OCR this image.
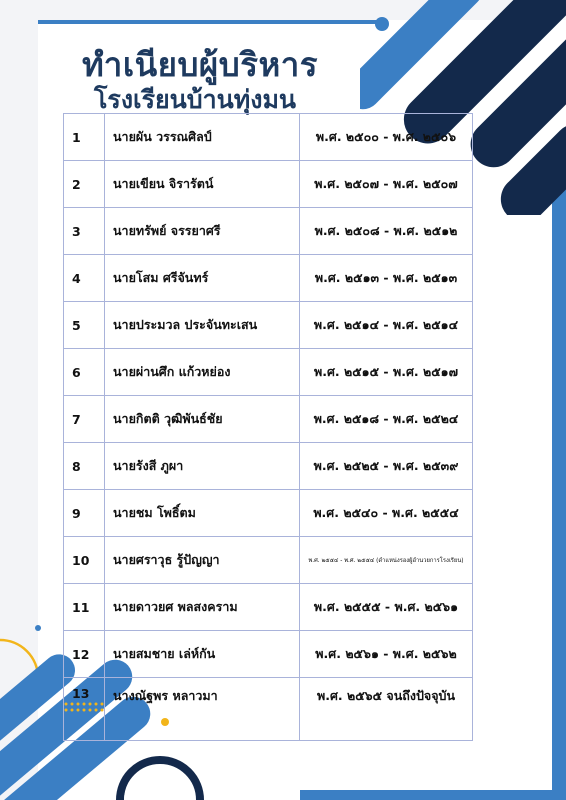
ทำเนียบผู้บริหาร
โรงเรียนบ้านทุ่งมน
1	นายผัน วรรณศิลป์	พ.ศ. ๒๕๐๐ - พ.ศ. ๒๕๐๖
2	นายเขียน จิรารัตน์	พ.ศ. ๒๕๐๗ - พ.ศ. ๒๕๐๗
3	นายทรัพย์ จรรยาศรี	พ.ศ. ๒๕๐๘ - พ.ศ. ๒๕๑๒
4	นายโสม ศรีจันทร์	พ.ศ. ๒๕๑๓ - พ.ศ. ๒๕๑๓
5	นายประมวล ประจันทะเสน	พ.ศ. ๒๕๑๔ - พ.ศ. ๒๕๑๔
6	นายผ่านศึก แก้วหย่อง	พ.ศ. ๒๕๑๕ - พ.ศ. ๒๕๑๗
7	นายกิตติ วุฒิพันธ์ชัย	พ.ศ. ๒๕๑๘ - พ.ศ. ๒๕๒๔
8	นายรังสี ภูผา	พ.ศ. ๒๕๒๕ - พ.ศ. ๒๕๓๙
9	นายชม โพธิ์ตม	พ.ศ. ๒๕๔๐ - พ.ศ. ๒๕๕๔
10	นายศราวุธ รู้ปัญญา	พ.ศ. ๒๕๕๔ - พ.ศ. ๒๕๕๔ (ดำแหน่งรองผู้อำนวยการโรงเรียน)
11	นายดาวยศ พลสงคราม	พ.ศ. ๒๕๕๕ - พ.ศ. ๒๕๖๑
12	นายสมชาย เล่ห์กัน	พ.ศ. ๒๕๖๑ - พ.ศ. ๒๕๖๒
13	นางณัฐพร หลาวมา	พ.ศ. ๒๕๖๕ จนถึงปัจจุบัน
